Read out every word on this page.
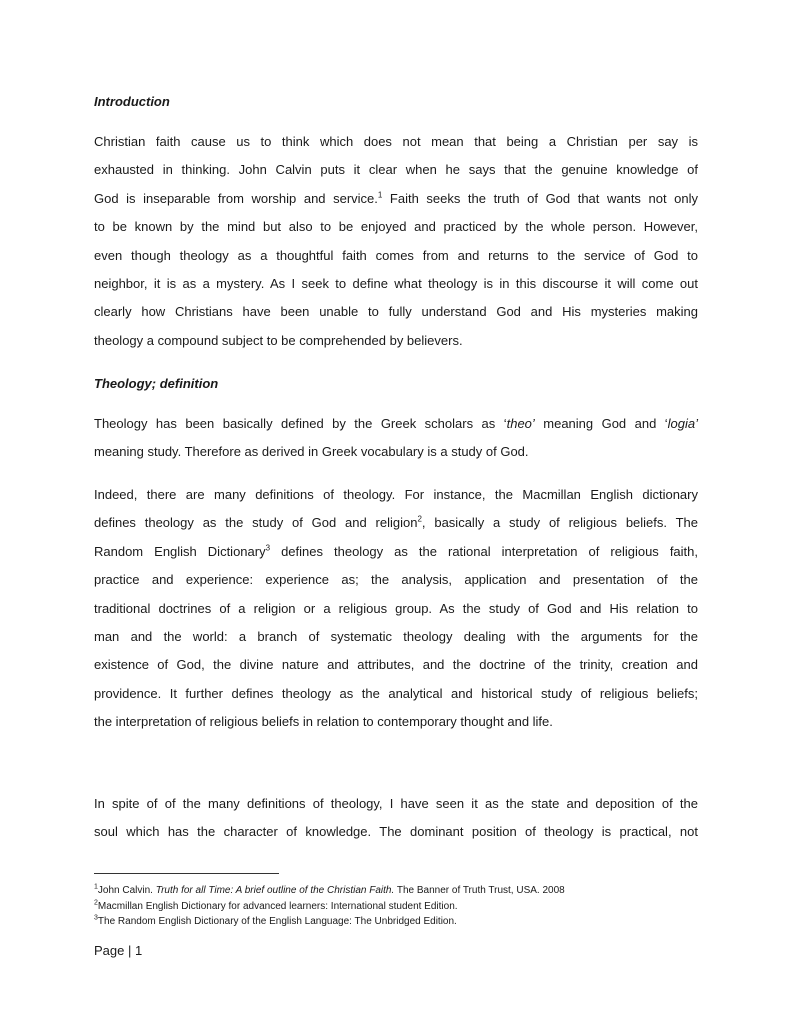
Introduction
Christian faith cause us to think which does not mean that being a Christian per say is
exhausted in thinking. John Calvin puts it clear when he says that the genuine knowledge of
God is inseparable from worship and service.$^1$ Faith seeks the truth of God that wants not only
to be known by the mind but also to be enjoyed and practiced by the whole person. However,
even though theology as a thoughtful faith comes from and returns to the service of God to
neighbor, it is as a mystery. As I seek to define what theology is in this discourse it will come out
clearly how Christians have been unable to fully understand God and His mysteries making
theology a compound subject to be comprehended by believers.
Theology; definition
Theology has been basically defined by the Greek scholars as ‘theo’ meaning God and ‘logia’
meaning study. Therefore as derived in Greek vocabulary is a study of God.
Indeed, there are many definitions of theology. For instance, the Macmillan English dictionary
defines theology as the study of God and religion$^2$, basically a study of religious beliefs. The
Random English Dictionary$^3$ defines theology as the rational interpretation of religious faith,
practice and experience: experience as; the analysis, application and presentation of the
traditional doctrines of a religion or a religious group. As the study of God and His relation to
man and the world: a branch of systematic theology dealing with the arguments for the
existence of God, the divine nature and attributes, and the doctrine of the trinity, creation and
providence. It further defines theology as the analytical and historical study of religious beliefs;
the interpretation of religious beliefs in relation to contemporary thought and life.
In spite of of the many definitions of theology, I have seen it as the state and deposition of the
soul which has the character of knowledge. The dominant position of theology is practical, not
$^1$John Calvin. Truth for all Time: A brief outline of the Christian Faith. The Banner of Truth Trust, USA. 2008
$^2$Macmillan English Dictionary for advanced learners: International student Edition.
$^3$The Random English Dictionary of the English Language: The Unbridged Edition.
Page | 1
